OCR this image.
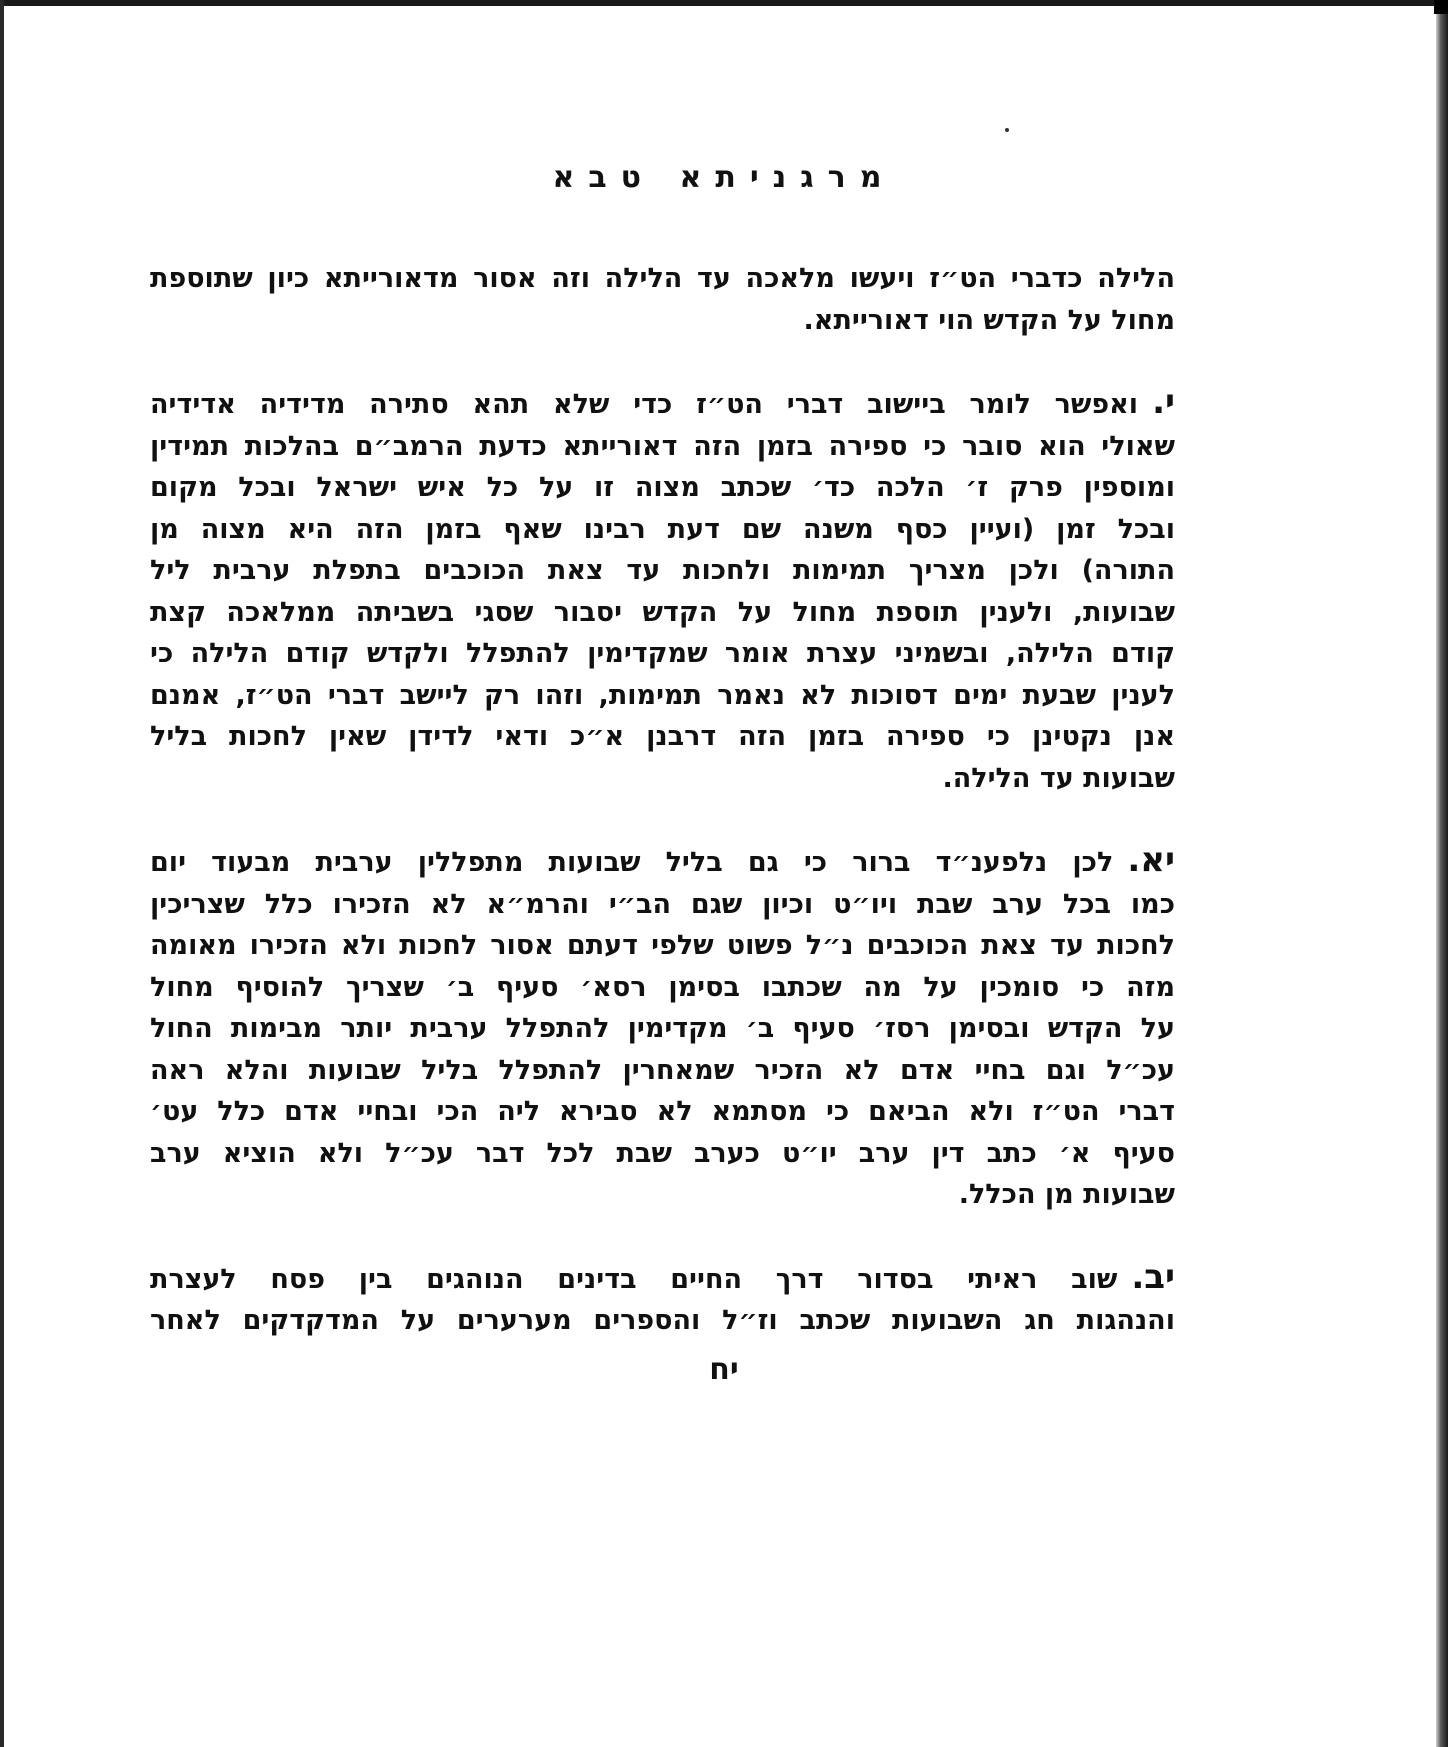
מרגניתא טבא
הלילה כדברי הט״ז ויעשו מלאכה עד הלילה וזה אסור מדאורייתא כיון שתוספת
מחול על הקדש הוי דאורייתא.
י.ואפשר לומר ביישוב דברי הט״ז כדי שלא תהא סתירה מדידיה אדידיה
שאולי הוא סובר כי ספירה בזמן הזה דאורייתא כדעת הרמב״ם בהלכות תמידין
ומוספין פרק ז׳ הלכה כד׳ שכתב מצוה זו על כל איש ישראל ובכל מקום
ובכל זמן (ועיין כסף משנה שם דעת רבינו שאף בזמן הזה היא מצוה מן
התורה) ולכן מצריך תמימות ולחכות עד צאת הכוכבים בתפלת ערבית ליל
שבועות, ולענין תוספת מחול על הקדש יסבור שסגי בשביתה ממלאכה קצת
קודם הלילה, ובשמיני עצרת אומר שמקדימין להתפלל ולקדש קודם הלילה כי
לענין שבעת ימים דסוכות לא נאמר תמימות, וזהו רק ליישב דברי הט״ז, אמנם
אנן נקטינן כי ספירה בזמן הזה דרבנן א״כ ודאי לדידן שאין לחכות בליל
שבועות עד הלילה.
יא.לכן נלפענ״ד ברור כי גם בליל שבועות מתפללין ערבית מבעוד יום
כמו בכל ערב שבת ויו״ט וכיון שגם הב״י והרמ״א לא הזכירו כלל שצריכין
לחכות עד צאת הכוכבים נ״ל פשוט שלפי דעתם אסור לחכות ולא הזכירו מאומה
מזה כי סומכין על מה שכתבו בסימן רסא׳ סעיף ב׳ שצריך להוסיף מחול
על הקדש ובסימן רסז׳ סעיף ב׳ מקדימין להתפלל ערבית יותר מבימות החול
עכ״ל וגם בחיי אדם לא הזכיר שמאחרין להתפלל בליל שבועות והלא ראה
דברי הט״ז ולא הביאם כי מסתמא לא סבירא ליה הכי ובחיי אדם כלל עט׳
סעיף א׳ כתב דין ערב יו״ט כערב שבת לכל דבר עכ״ל ולא הוציא ערב
שבועות מן הכלל.
יב.שוב ראיתי בסדור דרך החיים בדינים הנוהגים בין פסח לעצרת
והנהגות חג השבועות שכתב וז״ל והספרים מערערים על המדקדקים לאחר
יח
